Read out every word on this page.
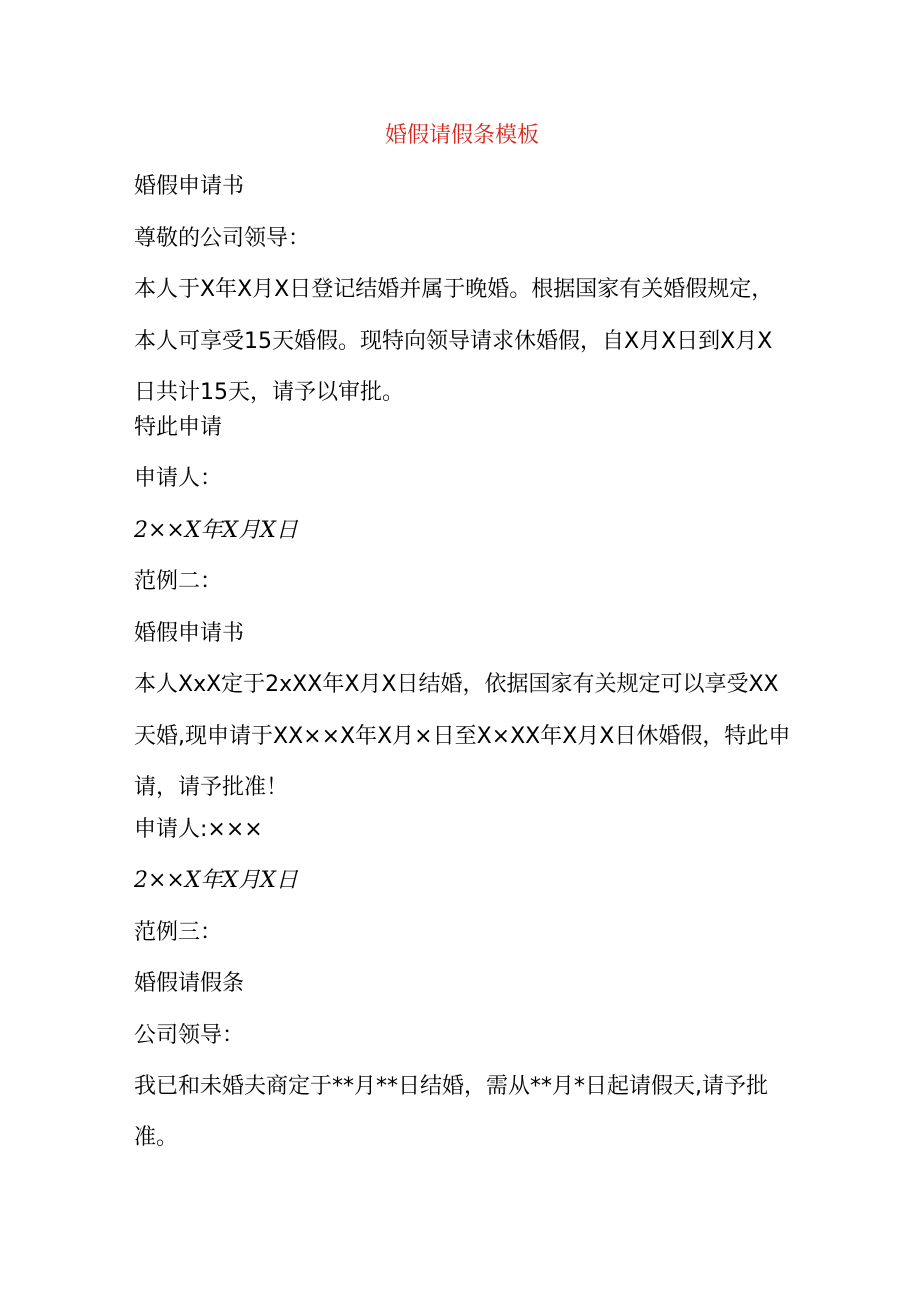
婚假请假条模板
婚假申请书
尊敬的公司领导：
本人于X年X月X日登记结婚并属于晚婚。根据国家有关婚假规定，本人可享受15天婚假。现特向领导请求休婚假，自X月X日到X月X日共计15天，请予以审批。
特此申请
申请人：
2××X年X月X日
范例二：
婚假申请书
本人XxX定于2xXX年X月X日结婚，依据国家有关规定可以享受XX天婚,现申请于XX××X年X月×日至X×XX年X月X日休婚假，特此申请，请予批准！
申请人:×××
2××X年X月X日
范例三：
婚假请假条
公司领导：
我已和未婚夫商定于**月**日结婚，需从**月*日起请假天,请予批准。
